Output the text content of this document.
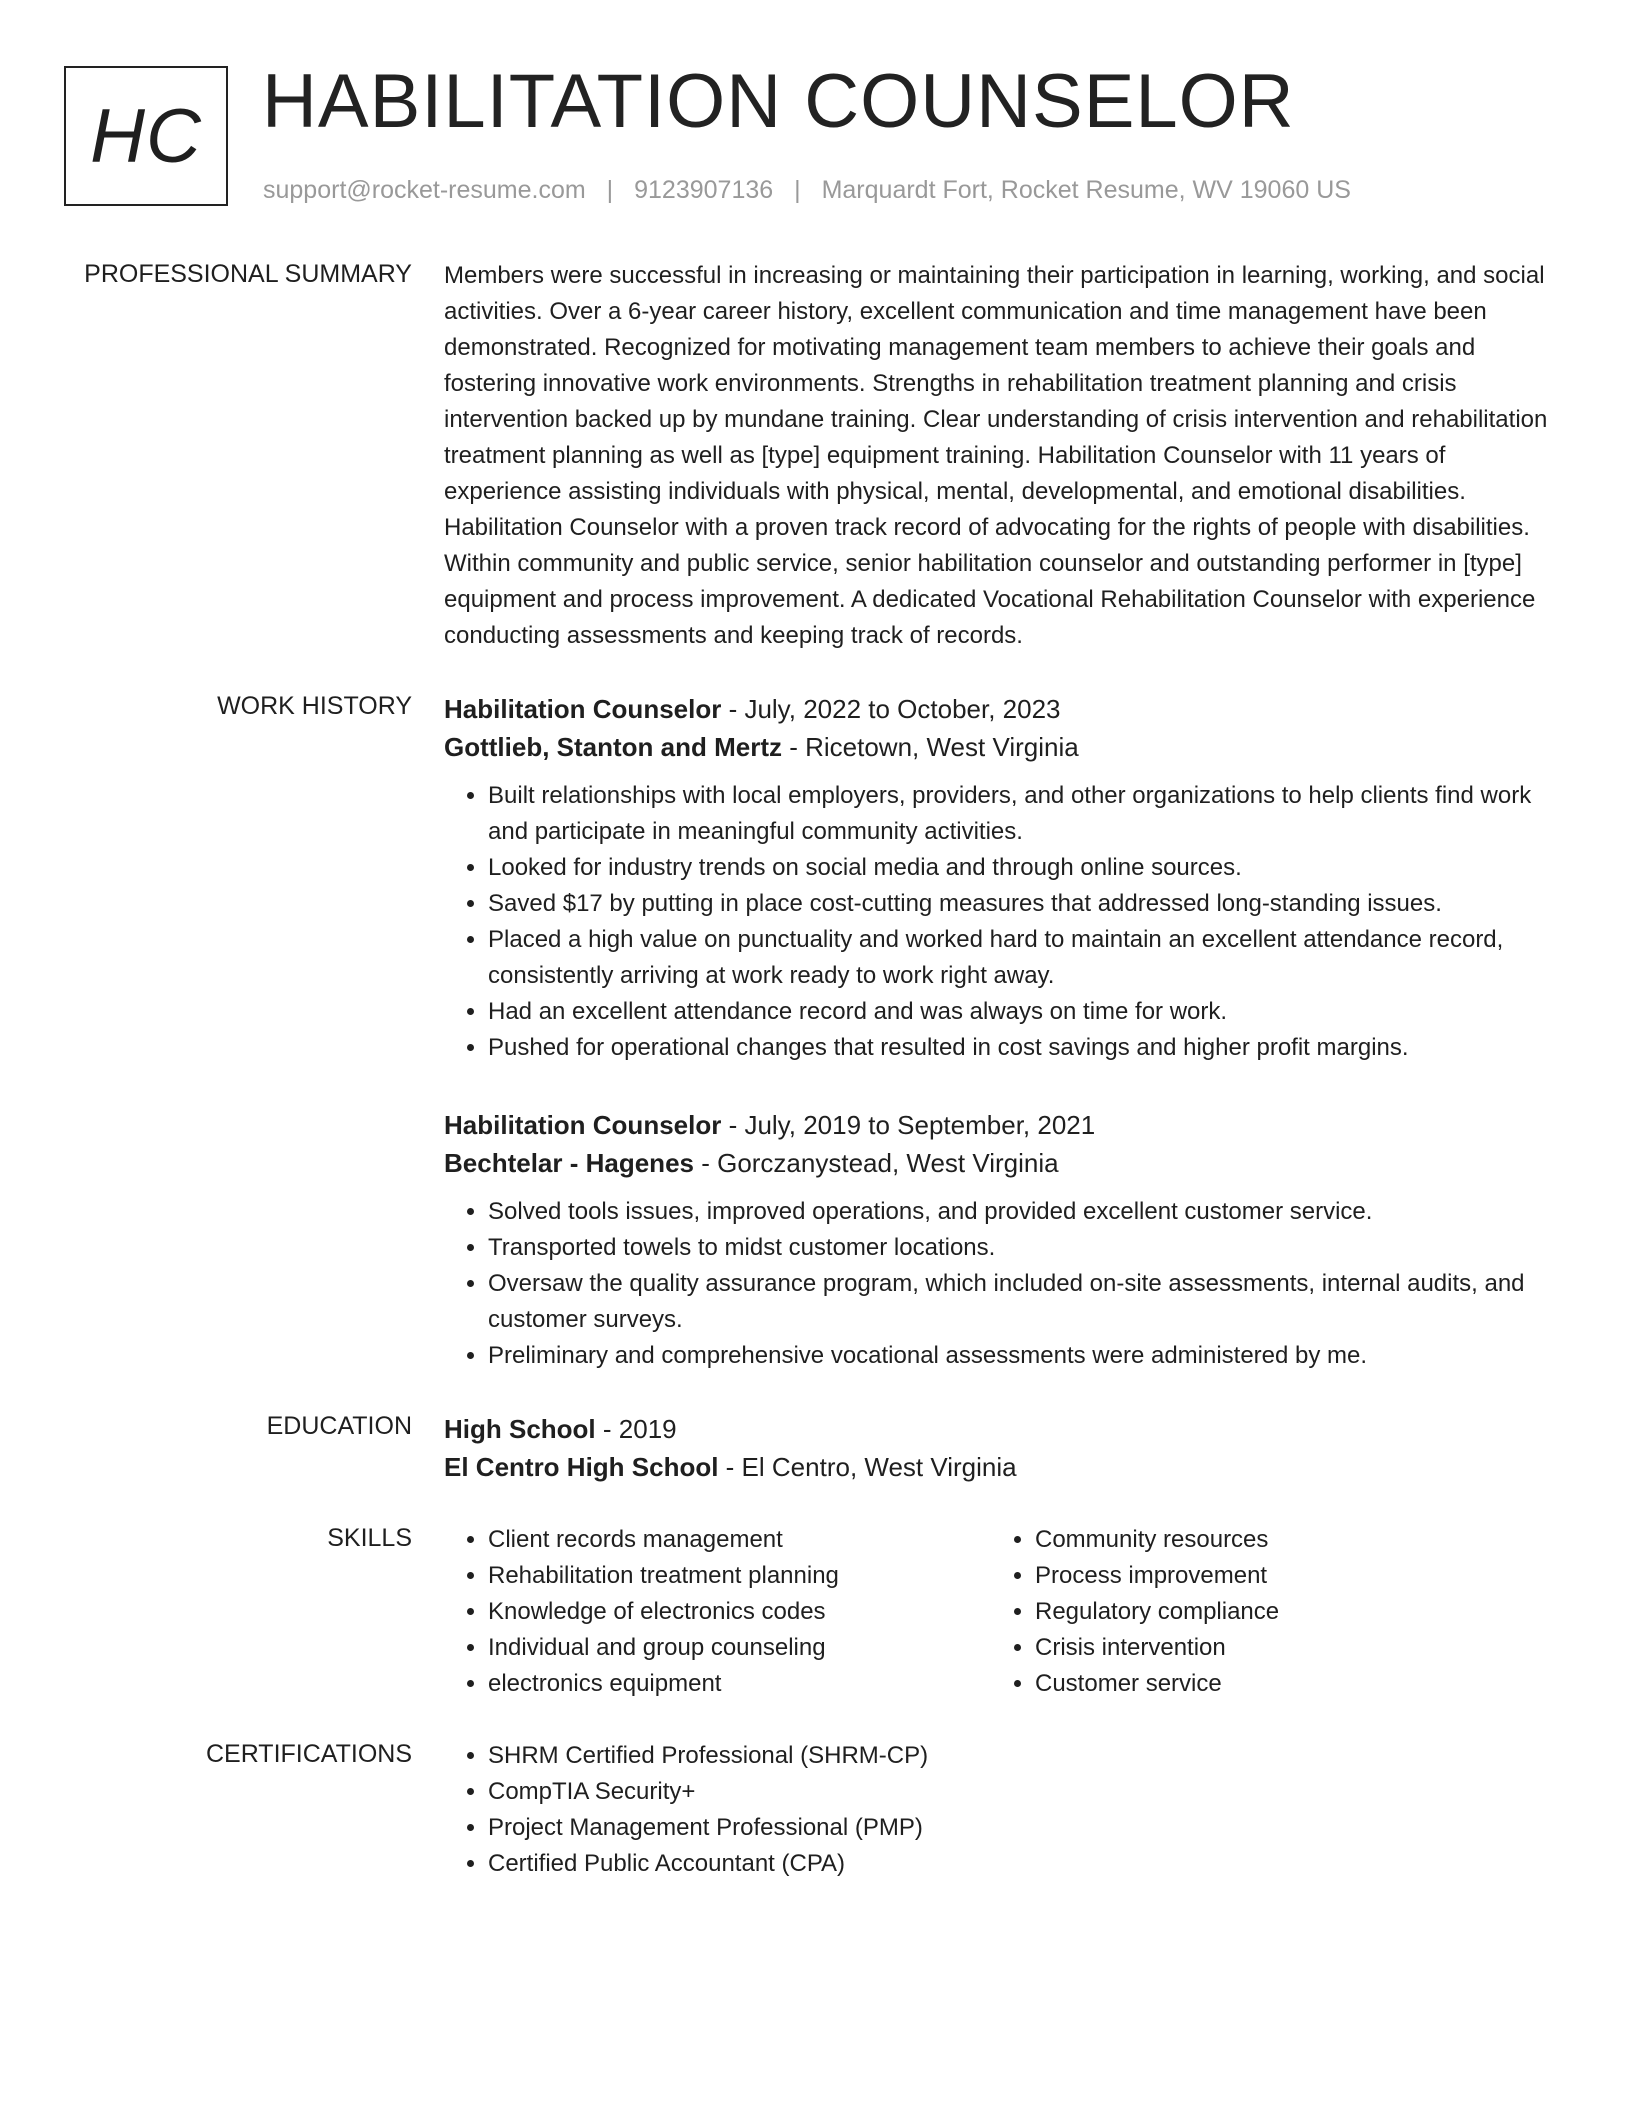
HC HABILITATION COUNSELOR
support@rocket-resume.com | 9123907136 | Marquardt Fort, Rocket Resume, WV 19060 US
PROFESSIONAL SUMMARY Members were successful in increasing or maintaining their participation in learning, working, and social activities. Over a 6-year career history, excellent communication and time management have been demonstrated. Recognized for motivating management team members to achieve their goals and fostering innovative work environments. Strengths in rehabilitation treatment planning and crisis intervention backed up by mundane training. Clear understanding of crisis intervention and rehabilitation treatment planning as well as [type] equipment training. Habilitation Counselor with 11 years of experience assisting individuals with physical, mental, developmental, and emotional disabilities. Habilitation Counselor with a proven track record of advocating for the rights of people with disabilities. Within community and public service, senior habilitation counselor and outstanding performer in [type] equipment and process improvement. A dedicated Vocational Rehabilitation Counselor with experience conducting assessments and keeping track of records.

WORK HISTORY Habilitation Counselor - July, 2022 to October, 2023
Gottlieb, Stanton and Mertz - Ricetown, West Virginia
• Built relationships with local employers, providers, and other organizations to help clients find work and participate in meaningful community activities.
• Looked for industry trends on social media and through online sources.
• Saved $17 by putting in place cost-cutting measures that addressed long-standing issues.
• Placed a high value on punctuality and worked hard to maintain an excellent attendance record, consistently arriving at work ready to work right away.
• Had an excellent attendance record and was always on time for work.
• Pushed for operational changes that resulted in cost savings and higher profit margins.
Habilitation Counselor - July, 2019 to September, 2021
Bechtelar - Hagenes - Gorczanystead, West Virginia
• Solved tools issues, improved operations, and provided excellent customer service.
• Transported towels to midst customer locations.
• Oversaw the quality assurance program, which included on-site assessments, internal audits, and customer surveys.
• Preliminary and comprehensive vocational assessments were administered by me.
EDUCATION High School - 2019
El Centro High School - El Centro, West Virginia
SKILLS	• Client records management
• Rehabilitation treatment planning
• Knowledge of electronics codes
• Individual and group counseling
• electronics equipment
• Community resources
• Process improvement
• Regulatory compliance
• Crisis intervention
• Customer service
CERTIFICATIONS	• SHRM Certified Professional (SHRM-CP)
• CompTIA Security+
• Project Management Professional (PMP)
• Certified Public Accountant (CPA)
